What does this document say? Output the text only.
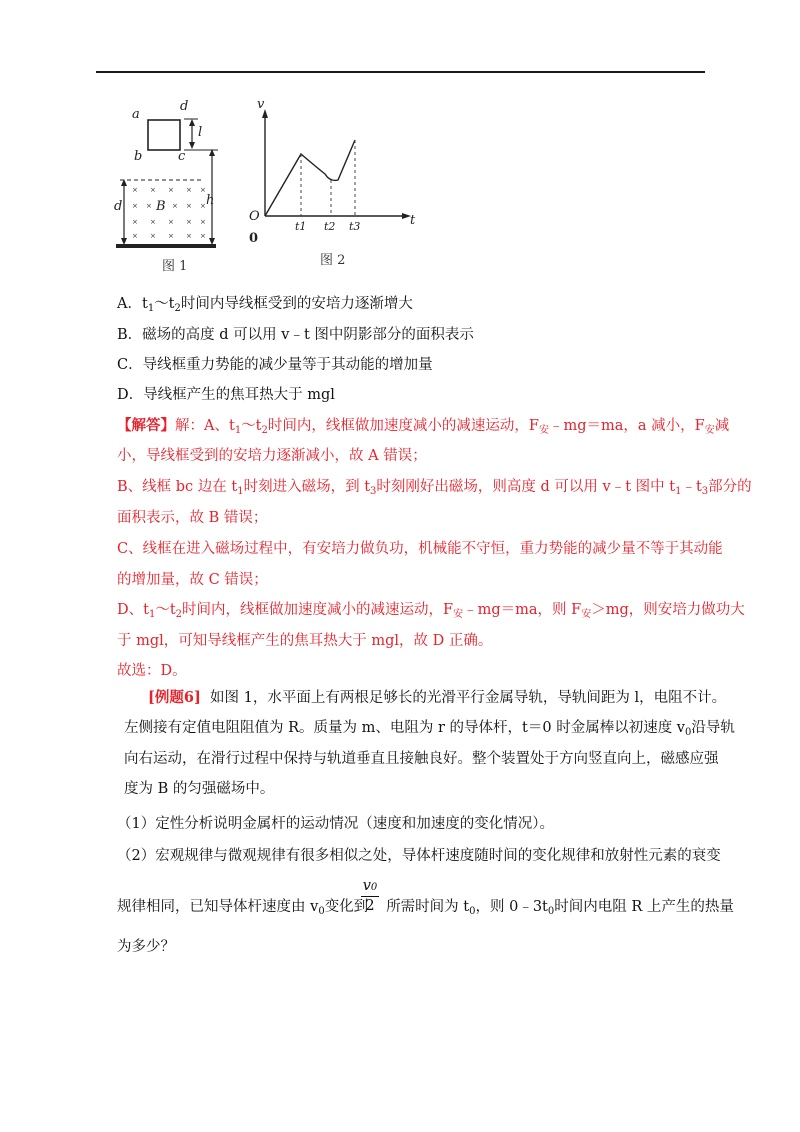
a
d
b	c
l
h
d	B
× × × × ×
× ×	× × ×
× × × × ×
× × × × ×
图 1
v
t
O
0
t1 t2 t3
图 2
A．$t_1\sim t_2$时间内导线框受到的安培力逐渐增大
B．磁场的高度 d 可以用 v﹣t 图中阴影部分的面积表示
C．导线框重力势能的减少量等于其动能的增加量
D．导线框产生的焦耳热大于 mgl
【解答】解：A、$t_1\sim t_2$时间内，线框做加速度减小的减速运动，$F_安﹣mg=ma$，a 减小，$F_安$减
小，导线框受到的安培力逐渐减小，故 A 错误；
B、线框 bc 边在 $t_1$时刻进入磁场，到 $t_3$时刻刚好出磁场，则高度 d 可以用 v﹣t 图中 $t_1﹣t_3$部分的
面积表示，故 B 错误；
C、线框在进入磁场过程中，有安培力做负功，机械能不守恒，重力势能的减少量不等于其动能
的增加量，故 C 错误；
D、$t_1\sim t_2$时间内，线框做加速度减小的减速运动，$F_安﹣mg=ma$，则 $F_安>mg$，则安培力做功大
于 mgl，可知导线框产生的焦耳热大于 mgl，故 D 正确。
故选：D。
[例题6] 如图 1，水平面上有两根足够长的光滑平行金属导轨，导轨间距为 l，电阻不计。
左侧接有定值电阻阻值为 R。质量为 m、电阻为 r 的导体杆，t＝0 时金属棒以初速度 $v_0$沿导轨
向右运动，在滑行过程中保持与轨道垂直且接触良好。整个装置处于方向竖直向上，磁感应强
度为 B 的匀强磁场中。
（1）定性分析说明金属杆的运动情况（速度和加速度的变化情况）。
（2）宏观规律与微观规律有很多相似之处，导体杆速度随时间的变化规律和放射性元素的衰变
规律相同，已知导体杆速度由 $v_0$变化到 所需时间为 $t_0$，则 $0﹣3t_0$时间内电阻 R 上产生的热量
$\frac{v0}{2}$
为多少？
